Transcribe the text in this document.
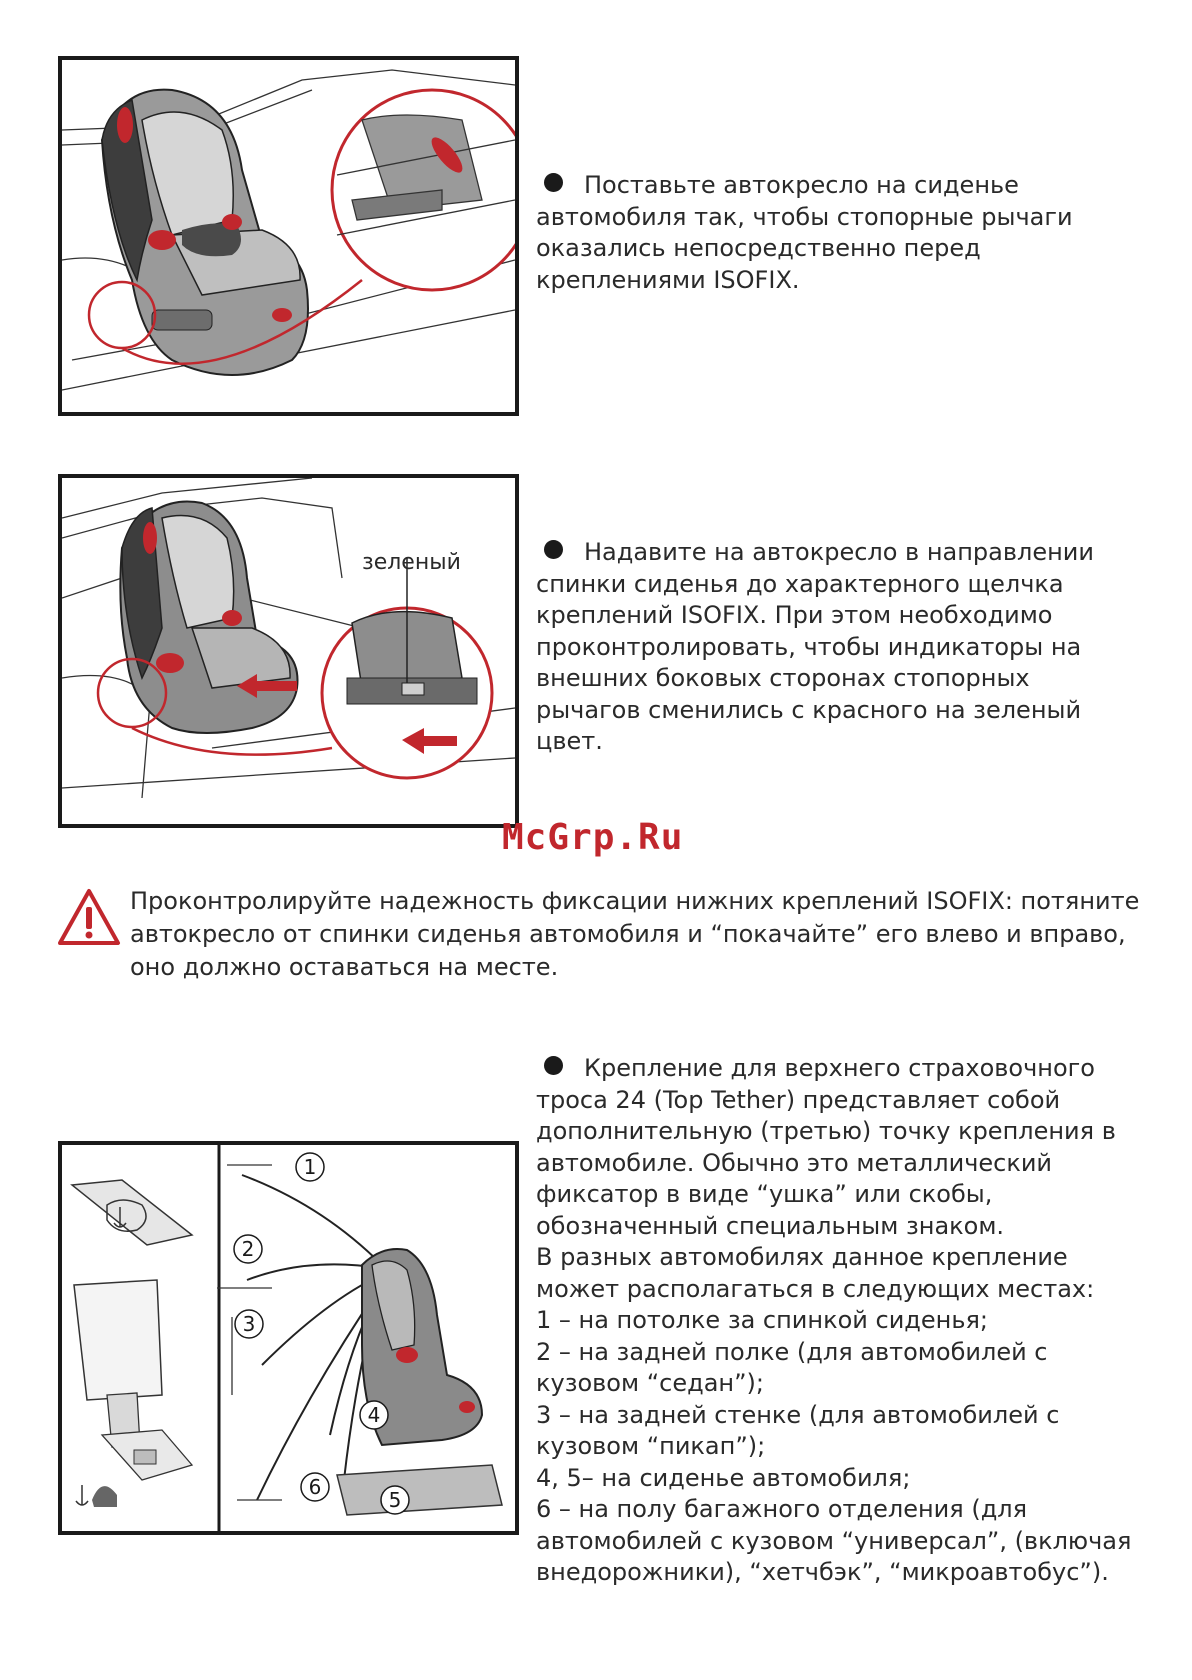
Поставьте автокресло на сиденье автомобиля так, чтобы стопорные рычаги оказались непосредственно перед креплениями ISOFIX.

зеленый	Надавите на автокресло в направлении спинки сиденья до характерного щелчка креплений ISOFIX. При этом необходимо проконтролировать, чтобы индикаторы на внешних боковых сторонах стопорных рычагов сменились с красного на зеленый цвет.

McGrp.Ru
Проконтролируйте надежность фиксации нижних креплений ISOFIX: потяните автокресло от спинки сиденья автомобиля и “покачайте” его влево и вправо, оно должно оставаться на месте.
1
2
3
4
6
5

Крепление для верхнего страховочного троса 24 (Top Tether) представляет собой дополнительную (третью) точку крепления в автомобиле. Обычно это металлический фиксатор в виде “ушка” или скобы, обозначенный специальным знаком.

В разных автомобилях данное крепление может располагаться в следующих местах:

1 – на потолке за спинкой сиденья;

2 – на задней полке (для автомобилей с кузовом “седан”);

3 – на задней стенке (для автомобилей с кузовом “пикап”);

4, 5– на сиденье автомобиля;

6 – на полу багажного отделения (для автомобилей с кузовом “универсал”, (включая внедорожники), “хетчбэк”, “микроавтобус”).
